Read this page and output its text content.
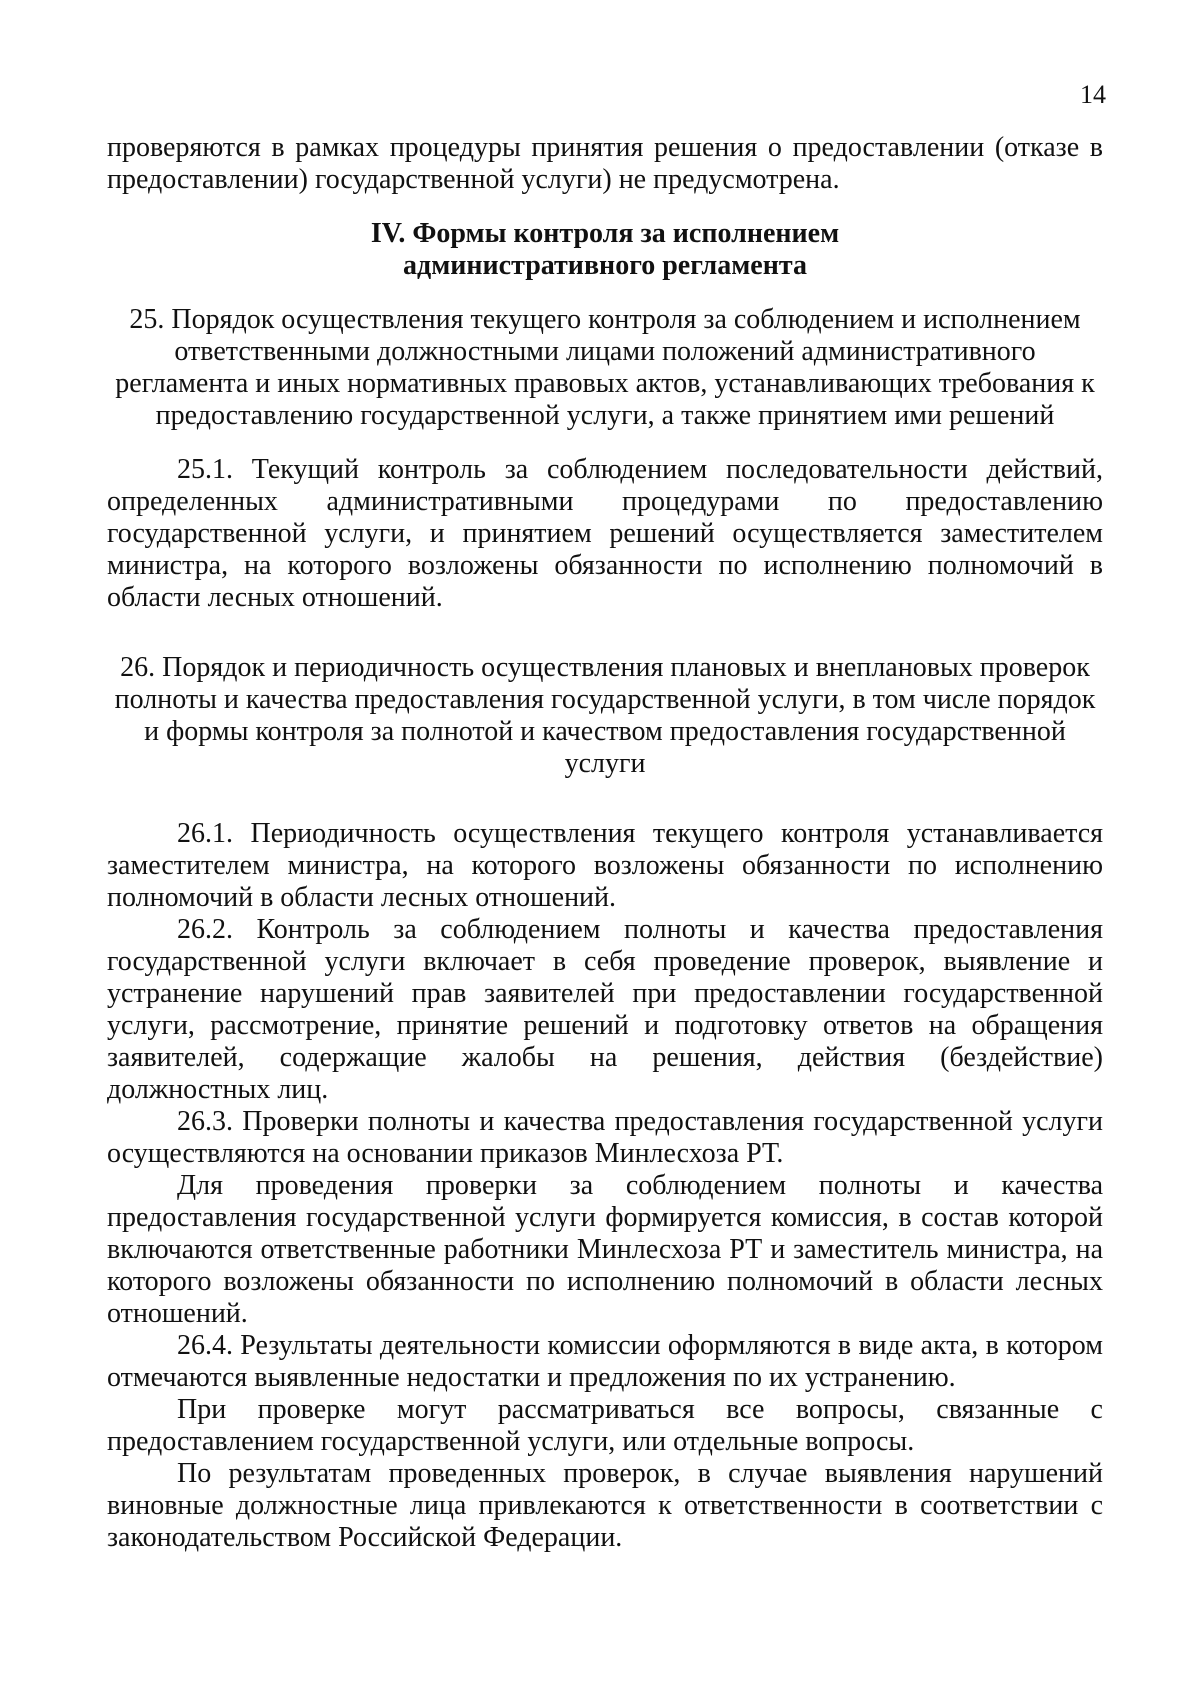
14

проверяются в рамках процедуры принятия решения о предоставлении (отказе в предоставлении) государственной услуги) не предусмотрена.

IV. Формы контроля за исполнением

административного регламента

25. Порядок осуществления текущего контроля за соблюдением и исполнением ответственными должностными лицами положений административного регламента и иных нормативных правовых актов, устанавливающих требования к предоставлению государственной услуги, а также принятием ими решений

25.1. Текущий контроль за соблюдением последовательности действий, определенных административными процедурами по предоставлению государственной услуги, и принятием решений осуществляется заместителем министра, на которого возложены обязанности по исполнению полномочий в области лесных отношений.

26. Порядок и периодичность осуществления плановых и внеплановых проверок полноты и качества предоставления государственной услуги, в том числе порядок и формы контроля за полнотой и качеством предоставления государственной услуги

26.1. Периодичность осуществления текущего контроля устанавливается заместителем министра, на которого возложены обязанности по исполнению полномочий в области лесных отношений.

26.2. Контроль за соблюдением полноты и качества предоставления государственной услуги включает в себя проведение проверок, выявление и устранение нарушений прав заявителей при предоставлении государственной услуги, рассмотрение, принятие решений и подготовку ответов на обращения заявителей, содержащие жалобы на решения, действия (бездействие) должностных лиц.

26.3. Проверки полноты и качества предоставления государственной услуги осуществляются на основании приказов Минлесхоза РТ.

Для проведения проверки за соблюдением полноты и качества предоставления государственной услуги формируется комиссия, в состав которой включаются ответственные работники Минлесхоза РТ и заместитель министра, на которого возложены обязанности по исполнению полномочий в области лесных отношений.

26.4. Результаты деятельности комиссии оформляются в виде акта, в котором отмечаются выявленные недостатки и предложения по их устранению.

При проверке могут рассматриваться все вопросы, связанные с предоставлением государственной услуги, или отдельные вопросы.

По результатам проведенных проверок, в случае выявления нарушений виновные должностные лица привлекаются к ответственности в соответствии с законодательством Российской Федерации.
